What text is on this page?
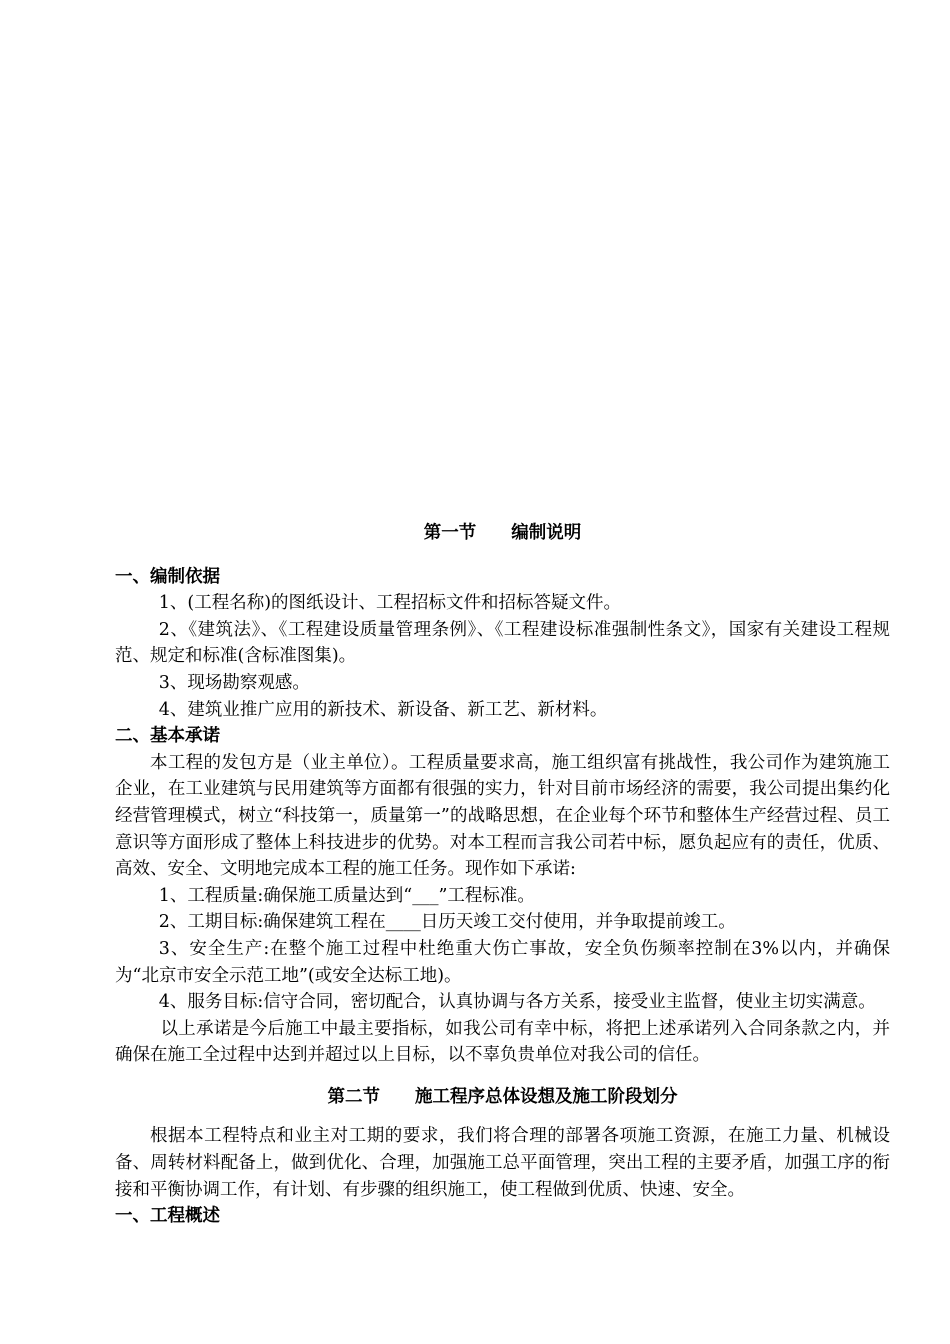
第一节　　编制说明
一、编制依据

1、(工程名称)的图纸设计、工程招标文件和招标答疑文件。

2、《建筑法》、《工程建设质量管理条例》、《工程建设标准强制性条文》，国家有关建设工程规范、规定和标准(含标准图集)。

3、现场勘察观感。

4、建筑业推广应用的新技术、新设备、新工艺、新材料。

二、基本承诺

本工程的发包方是（业主单位）。工程质量要求高，施工组织富有挑战性，我公司作为建筑施工企业，在工业建筑与民用建筑等方面都有很强的实力，针对目前市场经济的需要，我公司提出集约化经营管理模式，树立“科技第一，质量第一”的战略思想，在企业每个环节和整体生产经营过程、员工意识等方面形成了整体上科技进步的优势。对本工程而言我公司若中标，愿负起应有的责任，优质、高效、安全、文明地完成本工程的施工任务。现作如下承诺:

1、工程质量:确保施工质量达到“___”工程标准。

2、工期目标:确保建筑工程在____日历天竣工交付使用，并争取提前竣工。

3、安全生产:在整个施工过程中杜绝重大伤亡事故，安全负伤频率控制在3%以内，并确保为“北京市安全示范工地”(或安全达标工地)。

4、服务目标:信守合同，密切配合，认真协调与各方关系，接受业主监督，使业主切实满意。

以上承诺是今后施工中最主要指标，如我公司有幸中标，将把上述承诺列入合同条款之内，并确保在施工全过程中达到并超过以上目标，以不辜负贵单位对我公司的信任。

第二节　　施工程序总体设想及施工阶段划分

根据本工程特点和业主对工期的要求，我们将合理的部署各项施工资源，在施工力量、机械设备、周转材料配备上，做到优化、合理，加强施工总平面管理，突出工程的主要矛盾，加强工序的衔接和平衡协调工作，有计划、有步骤的组织施工，使工程做到优质、快速、安全。

一、工程概述
